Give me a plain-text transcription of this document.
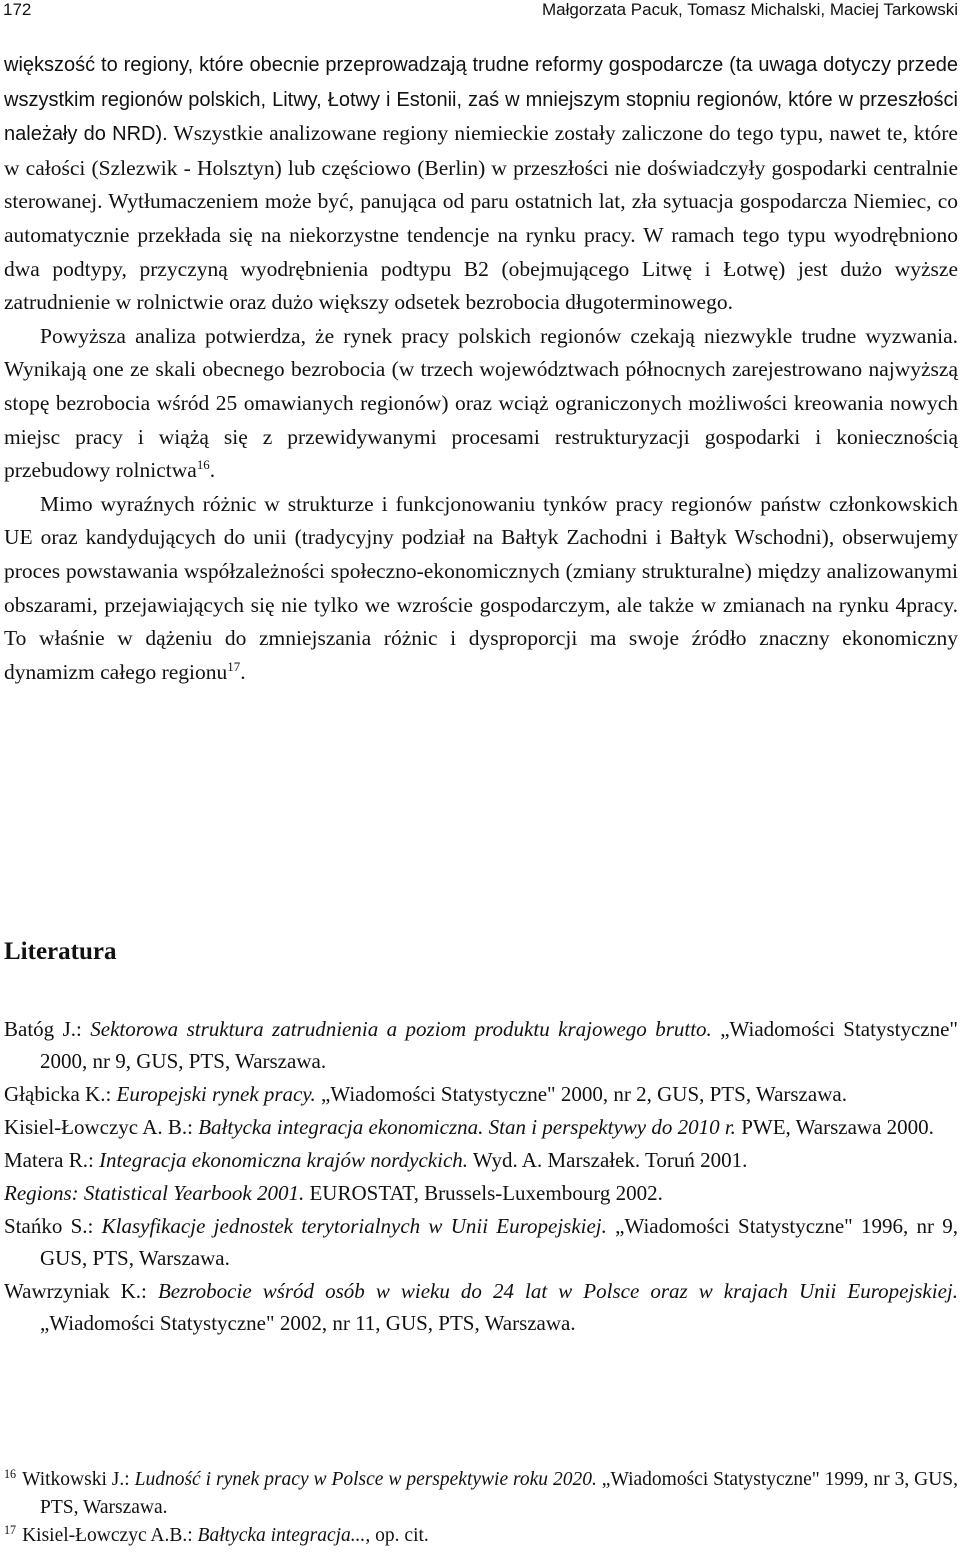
172	Małgorzata Pacuk, Tomasz Michalski, Maciej Tarkowski

większość to regiony, które obecnie przeprowadzają trudne reformy gospodarcze (ta uwaga dotyczy przede wszystkim regionów polskich, Litwy, Łotwy i Estonii, zaś w mniejszym stopniu regionów, które w przeszłości należały do NRD). Wszystkie analizowane regiony niemieckie zostały zaliczone do tego typu, nawet te, które w całości (Szlezwik - Holsztyn) lub częściowo (Berlin) w przeszłości nie doświadczyły gospodarki centralnie sterowanej. Wytłumaczeniem może być, panująca od paru ostatnich lat, zła sytuacja gospodarcza Niemiec, co automatycznie przekłada się na niekorzystne tendencje na rynku pracy. W ramach tego typu wyodrębniono dwa podtypy, przyczyną wyodrębnienia podtypu B2 (obejmującego Litwę i Łotwę) jest dużo wyższe zatrudnienie w rolnictwie oraz dużo większy odsetek bezrobocia długoterminowego.

Powyższa analiza potwierdza, że rynek pracy polskich regionów czekają niezwykle trudne wyzwania. Wynikają one ze skali obecnego bezrobocia (w trzech województwach północnych zarejestrowano najwyższą stopę bezrobocia wśród 25 omawianych regionów) oraz wciąż ograniczonych możliwości kreowania nowych miejsc pracy i wiążą się z przewidywanymi procesami restrukturyzacji gospodarki i koniecznością przebudowy rolnictwa$^{16}$.

Mimo wyraźnych różnic w strukturze i funkcjonowaniu tynków pracy regionów państw członkowskich UE oraz kandydujących do unii (tradycyjny podział na Bałtyk Zachodni i Bałtyk Wschodni), obserwujemy proces powstawania współzależności społeczno-ekonomicznych (zmiany strukturalne) między analizowanymi obszarami, przejawiających się nie tylko we wzroście gospodarczym, ale także w zmianach na rynku 4pracy. To właśnie w dążeniu do zmniejszania różnic i dysproporcji ma swoje źródło znaczny ekonomiczny dynamizm całego regionu$^{17}$.

Literatura

Batóg J.: Sektorowa struktura zatrudnienia a poziom produktu krajowego brutto. „Wiadomości Statystyczne" 2000, nr 9, GUS, PTS, Warszawa.

Głąbicka K.: Europejski rynek pracy. „Wiadomości Statystyczne" 2000, nr 2, GUS, PTS, Warszawa.

Kisiel-Łowczyc A. B.: Bałtycka integracja ekonomiczna. Stan i perspektywy do 2010 r. PWE, Warszawa 2000.

Matera R.: Integracja ekonomiczna krajów nordyckich. Wyd. A. Marszałek. Toruń 2001.

Regions: Statistical Yearbook 2001. EUROSTAT, Brussels-Luxembourg 2002.

Stańko S.: Klasyfikacje jednostek terytorialnych w Unii Europejskiej. „Wiadomości Statystyczne" 1996, nr 9, GUS, PTS, Warszawa.

Wawrzyniak K.: Bezrobocie wśród osób w wieku do 24 lat w Polsce oraz w krajach Unii Europejskiej. „Wiadomości Statystyczne" 2002, nr 11, GUS, PTS, Warszawa.

$^{16}$ Witkowski J.: Ludność i rynek pracy w Polsce w perspektywie roku 2020. „Wiadomości Statystyczne" 1999, nr 3, GUS, PTS, Warszawa.

$^{17}$ Kisiel-Łowczyc A.B.: Bałtycka integracja..., op. cit.
